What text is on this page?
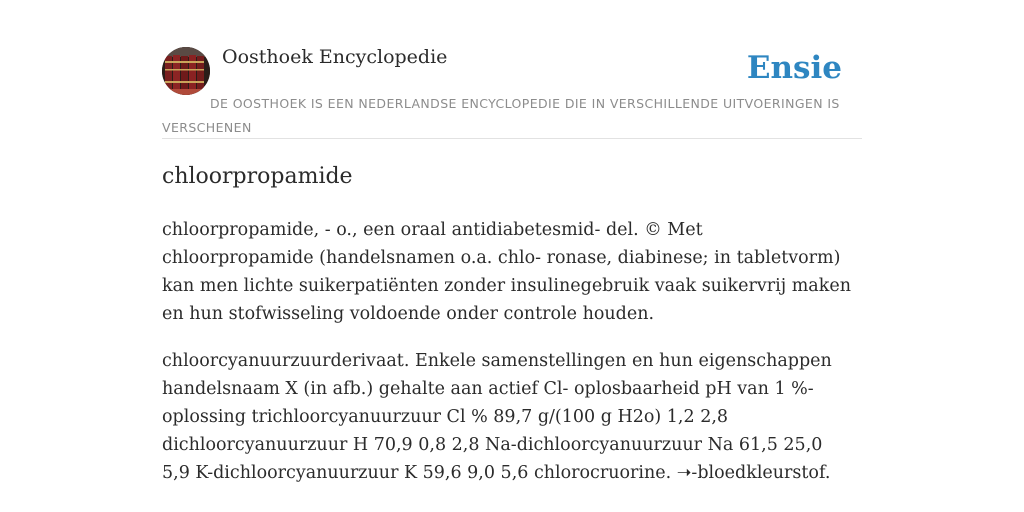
Oosthoek Encyclopedie	Ensie
DE OOSTHOEK IS EEN NEDERLANDSE ENCYCLOPEDIE DIE IN VERSCHILLENDE UITVOERINGEN IS VERSCHENEN
chloorpropamide

chloorpropamide, - o., een oraal antidiabetesmid- del. © Met chloorpropamide (handelsnamen o.a. chlo- ronase, diabinese; in tabletvorm) kan men lichte suikerpatiënten zonder insulinegebruik vaak suikervrij maken en hun stofwisseling voldoende onder controle houden.

chloorcyanuurzuurderivaat. Enkele samenstellingen en hun eigenschappen handelsnaam X (in afb.) gehalte aan actief Cl- oplosbaarheid pH van 1 %-oplossing trichloorcyanuurzuur Cl % 89,7 g/(100 g H2o) 1,2 2,8 dichloorcyanuurzuur H 70,9 0,8 2,8 Na-dichloorcyanuurzuur Na 61,5 25,0 5,9 K-dichloorcyanuurzuur K 59,6 9,0 5,6 chlorocruorine. ➝-bloedkleurstof.
